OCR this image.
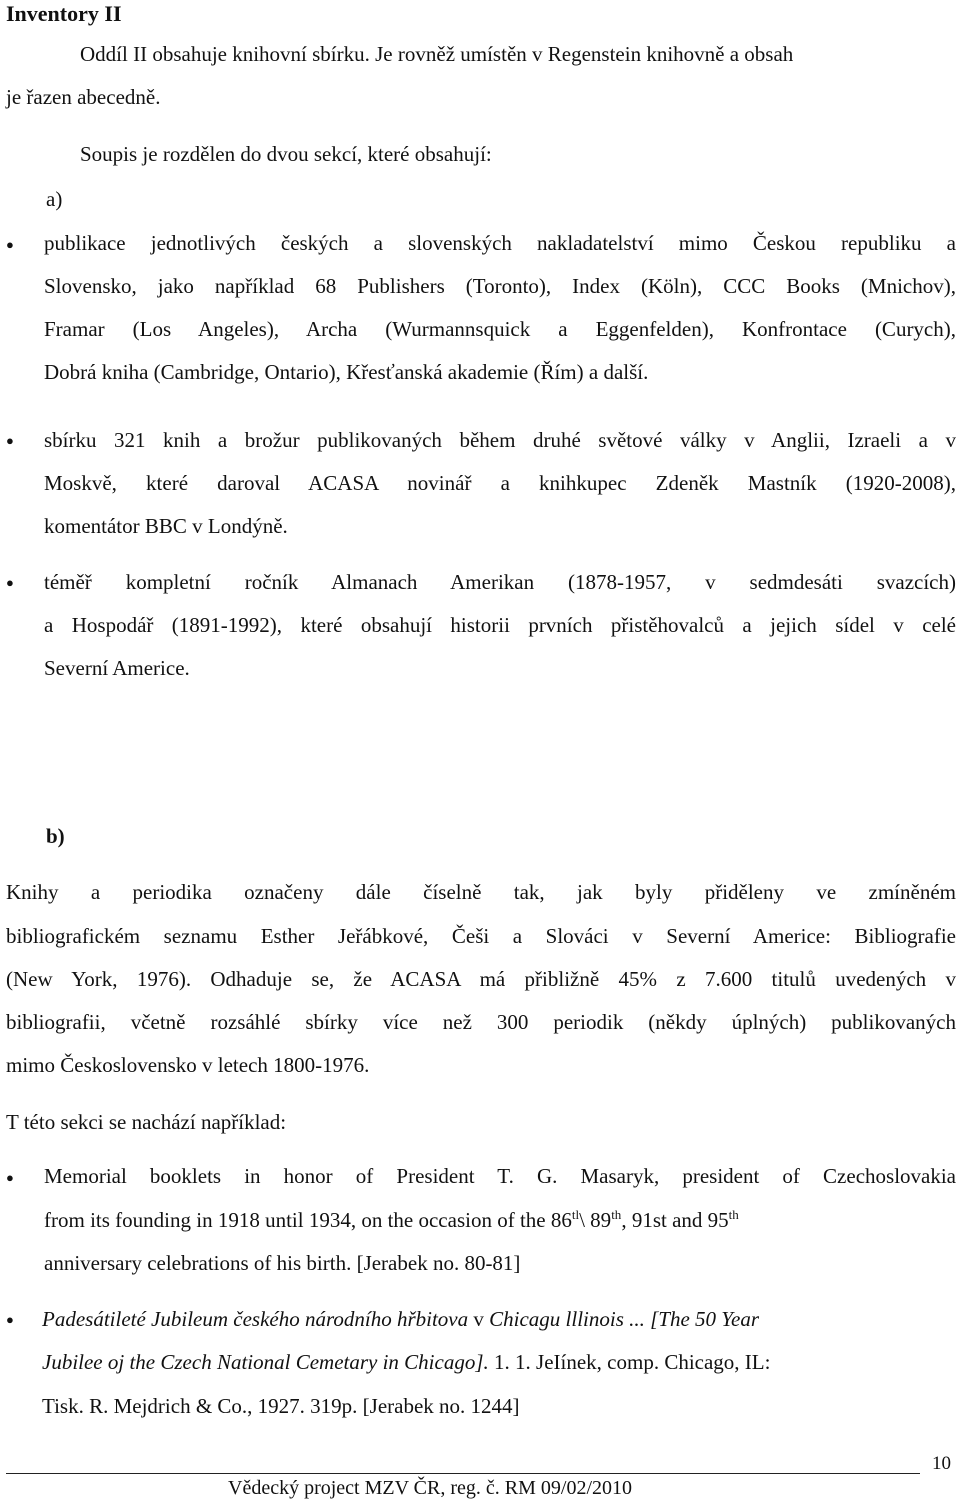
Inventory II
Oddíl II obsahuje knihovní sbírku. Je rovněž umístěn v Regenstein knihovně a obsah
je řazen abecedně.
Soupis je rozdělen do dvou sekcí, které obsahují:
a)
● publikace jednotlivých českých a slovenských nakladatelství mimo Českou republiku a
Slovensko, jako například 68 Publishers (Toronto), Index (Köln), CCC Books (Mnichov),
Framar (Los Angeles), Archa (Wurmannsquick a Eggenfelden), Konfrontace (Curych),
Dobrá kniha (Cambridge, Ontario), Křesťanská akademie (Řím) a další.
● sbírku 321 knih a brožur publikovaných během druhé světové války v Anglii, Izraeli a v
Moskvě, které daroval ACASA novinář a knihkupec Zdeněk Mastník (1920-2008),
komentátor BBC v Londýně.
● téměř kompletní ročník Almanach Amerikan (1878-1957, v sedmdesáti svazcích)
a Hospodář (1891-1992), které obsahují historii prvních přistěhovalců a jejich sídel v celé
Severní Americe.
b)
Knihy a periodika označeny dále číselně tak, jak byly přiděleny ve zmíněném
bibliografickém seznamu Esther Jeřábkové, Češi a Slováci v Severní Americe: Bibliografie
(New York, 1976). Odhaduje se, že ACASA má přibližně 45% z 7.600 titulů uvedených v
bibliografii, včetně rozsáhlé sbírky více než 300 periodik (někdy úplných) publikovaných
mimo Československo v letech 1800-1976.
T této sekci se nachází například:
● Memorial booklets in honor of President T. G. Masaryk, president of Czechoslovakia
from its founding in 1918 until 1934, on the occasion of the $86^{tl}\backslash$ 89th, 91st and 95th
anniversary celebrations of his birth. [Jerabek no. 80-81]
● Padesátileté Jubileum českého národního hřbitova v Chicagu lllinois ... [The 50 Year
Jubilee oj the Czech National Cemetary in Chicago]. 1. 1. JeIínek, comp. Chicago, IL:
Tisk. R. Mejdrich & Co., 1927. 319p. [Jerabek no. 1244]
10
Vědecký project MZV ČR, reg. č. RM 09/02/2010
